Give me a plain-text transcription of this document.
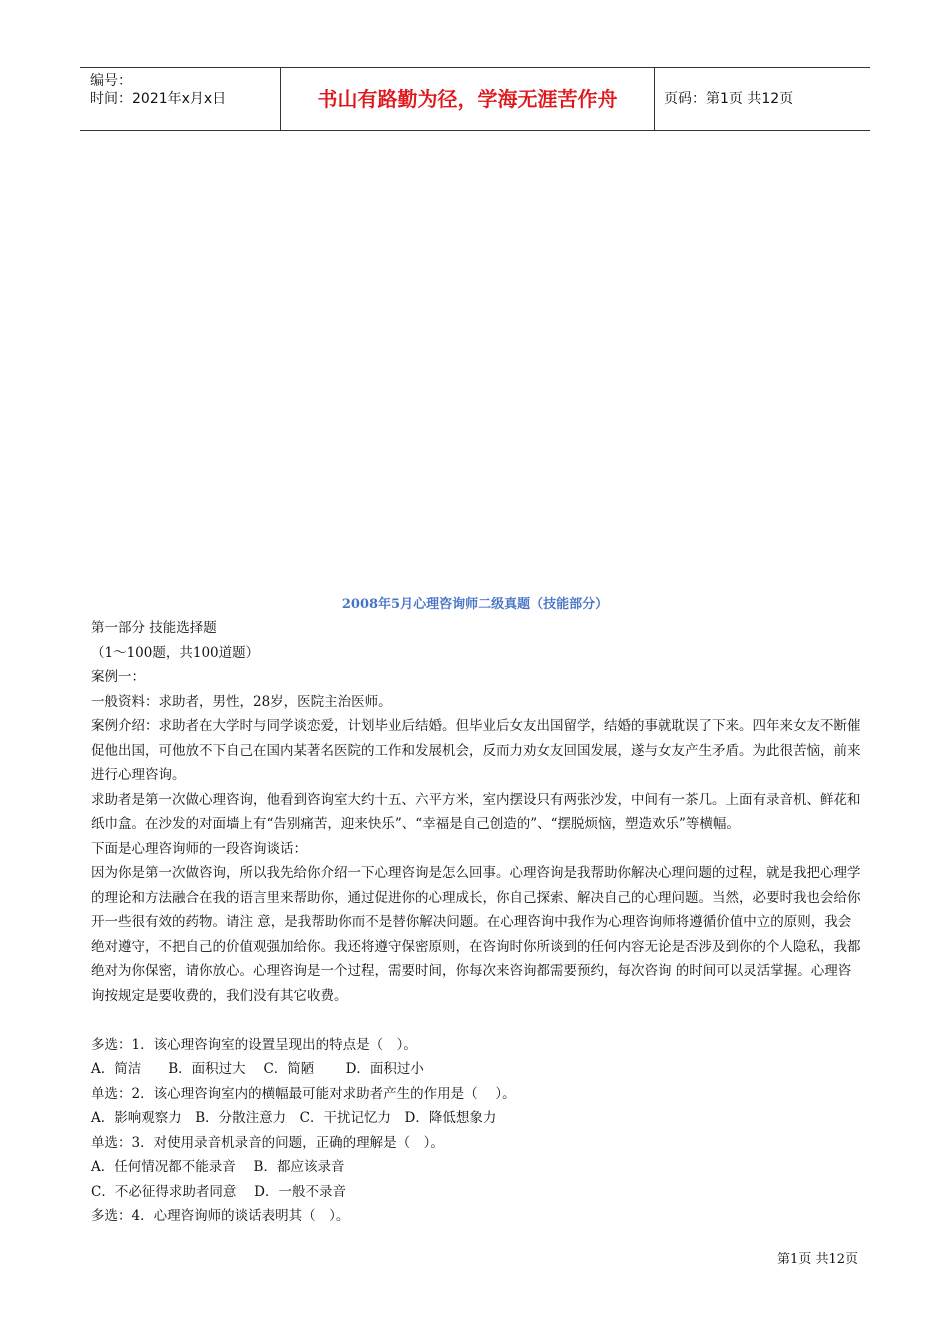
编号：
时间：2021年x月x日	书山有路勤为径，学海无涯苦作舟	页码：第1页 共12页
2008年5月心理咨询师二级真题（技能部分）

第一部分 技能选择题

（1～100题，共100道题）

案例一：

一般资料：求助者，男性，28岁，医院主治医师。

案例介绍：求助者在大学时与同学谈恋爱，计划毕业后结婚。但毕业后女友出国留学，结婚的事就耽误了下来。四年来女友不断催促他出国，可他放不下自己在国内某著名医院的工作和发展机会，反而力劝女友回国发展，遂与女友产生矛盾。为此很苦恼，前来进行心理咨询。

求助者是第一次做心理咨询，他看到咨询室大约十五、六平方米，室内摆设只有两张沙发，中间有一茶几。上面有录音机、鲜花和纸巾盒。在沙发的对面墙上有“告别痛苦，迎来快乐”、“幸福是自己创造的”、“摆脱烦恼，塑造欢乐”等横幅。

下面是心理咨询师的一段咨询谈话：

因为你是第一次做咨询，所以我先给你介绍一下心理咨询是怎么回事。心理咨询是我帮助你解决心理问题的过程，就是我把心理学的理论和方法融合在我的语言里来帮助你，通过促进你的心理成长，你自己探索、解决自己的心理问题。当然，必要时我也会给你开一些很有效的药物。请注 意，是我帮助你而不是替你解决问题。在心理咨询中我作为心理咨询师将遵循价值中立的原则，我会绝对遵守，不把自己的价值观强加给你。我还将遵守保密原则，在咨询时你所谈到的任何内容无论是否涉及到你的个人隐私，我都绝对为你保密，请你放心。心理咨询是一个过程，需要时间，你每次来咨询都需要预约，每次咨询 的时间可以灵活掌握。心理咨询按规定是要收费的，我们没有其它收费。

多选：1．该心理咨询室的设置呈现出的特点是（　）。

A．简洁　　B．面积过大　 C．简陋　　 D．面积过小

单选：2．该心理咨询室内的横幅最可能对求助者产生的作用是（　 ）。

A．影响观察力　B．分散注意力　C．干扰记忆力　D．降低想象力

单选：3．对使用录音机录音的问题，正确的理解是（　）。

A．任何情况都不能录音　 B．都应该录音

C．不必征得求助者同意　 D．一般不录音

多选：4．心理咨询师的谈话表明其（　）。

第1页 共12页
